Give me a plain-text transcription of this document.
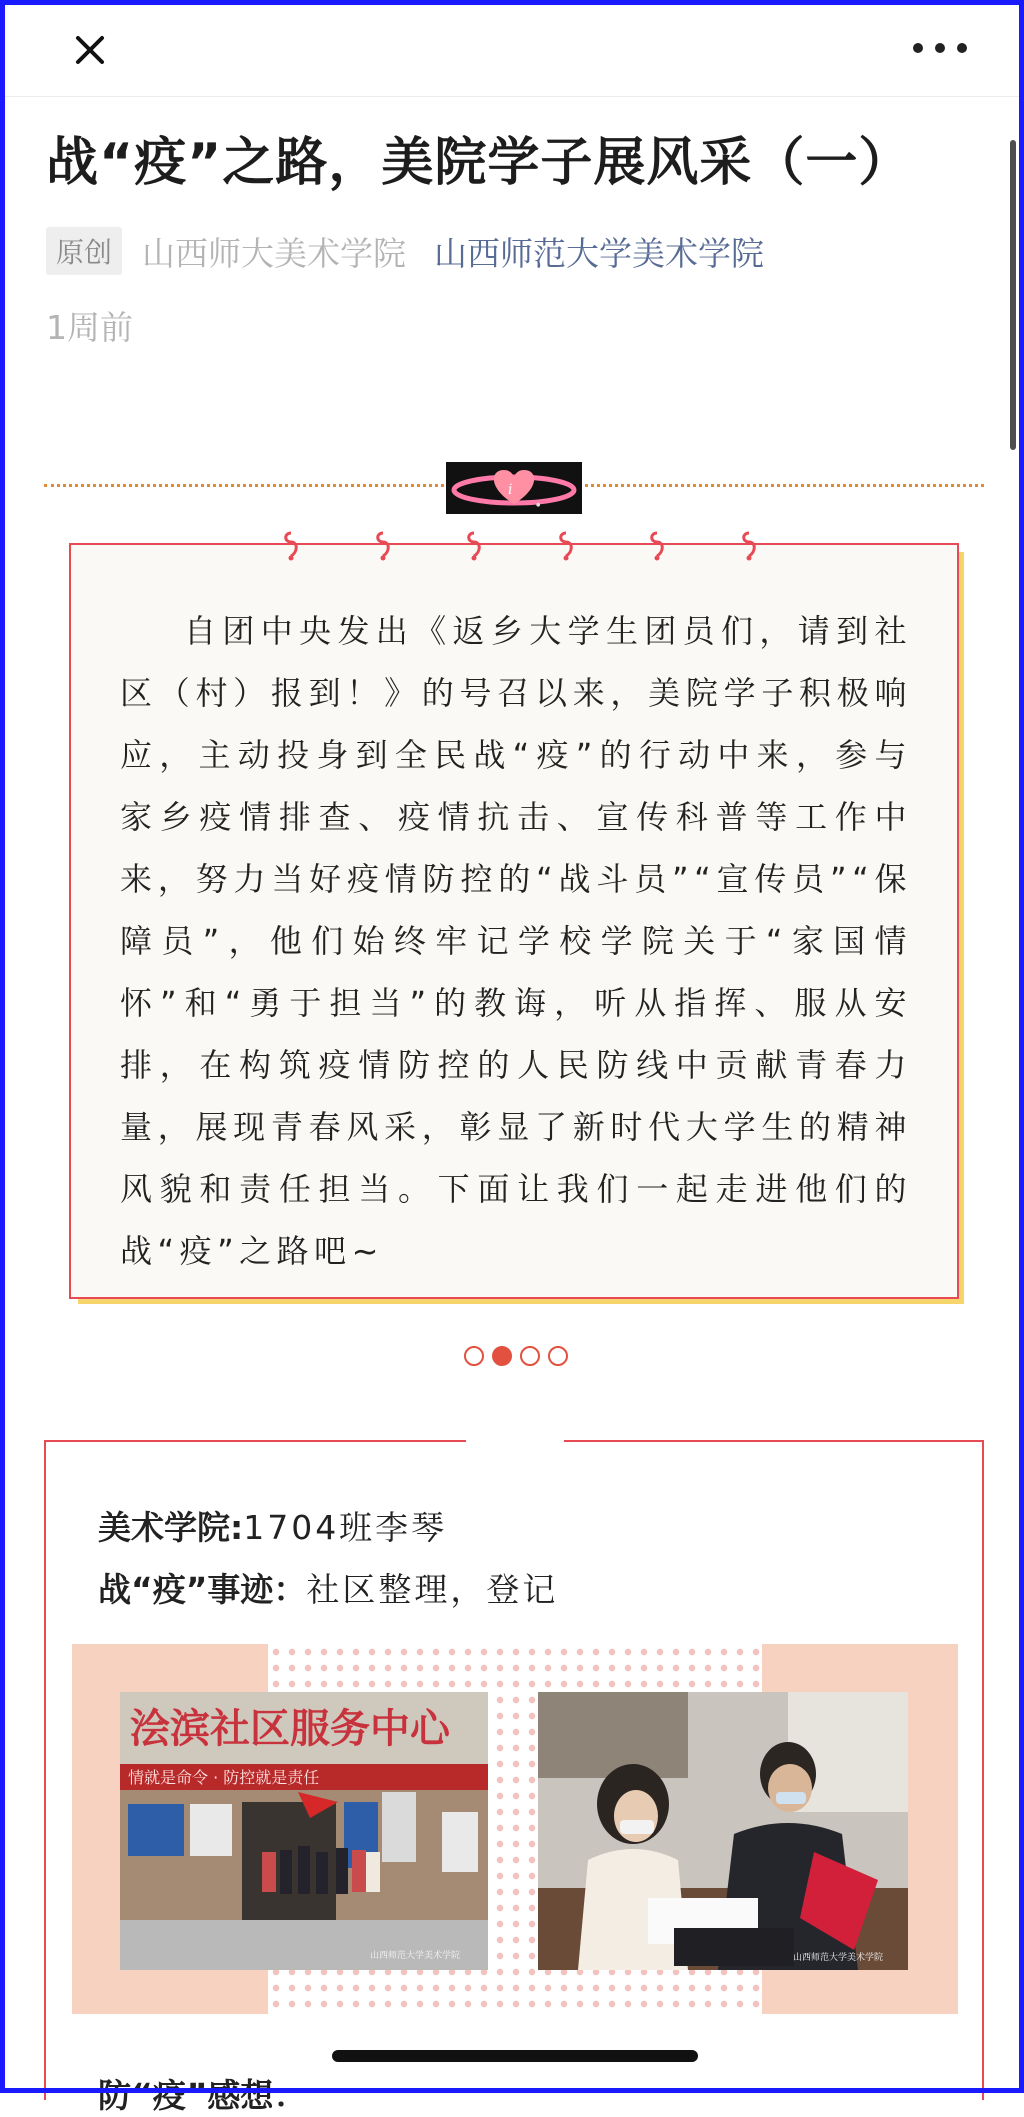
战“疫”之路，美院学子展风采（一）
原创 山西师大美术学院 山西师范大学美术学院
1周前
i
●

自团中央发出《返乡大学生团员们，请到社区（村）报到！》的号召以来，美院学子积极响应，主动投身到全民战“疫”的行动中来，参与家乡疫情排查、疫情抗击、宣传科普等工作中来，努力当好疫情防控的“战斗员”“宣传员”“保障员”，他们始终牢记学校学院关于“家国情怀”和“勇于担当”的教诲，听从指挥、服从安排，在构筑疫情防控的人民防线中贡献青春力量，展现青春风采，彰显了新时代大学生的精神风貌和责任担当。下面让我们一起走进他们的战“疫”之路吧~

美术学院:1704班李琴
战“疫”事迹：社区整理，登记
浍滨社区服务中心
情就是命令 · 防控就是责任
山西师范大学美术学院	山西师范大学美术学院
防“疫”感想：
